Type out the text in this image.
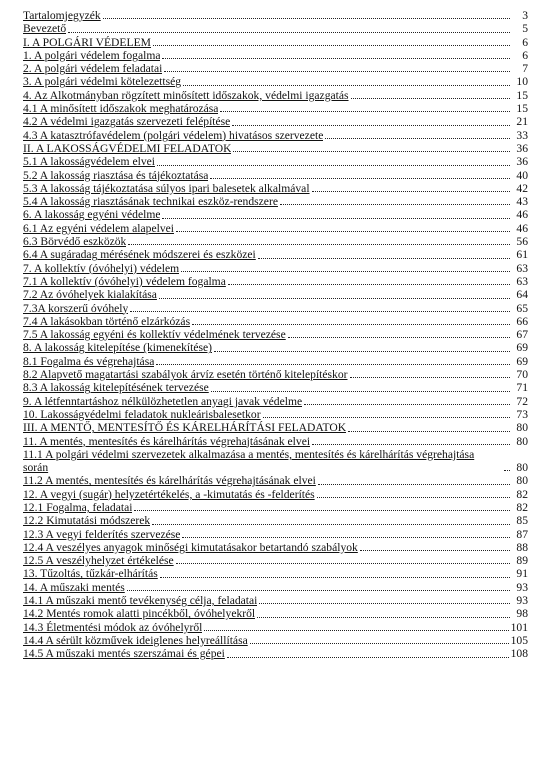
Tartalomjegyzék	3
Bevezető	5
I. A POLGÁRI VÉDELEM	6
1. A polgári védelem fogalma	6
2. A polgári védelem feladatai	7
3. A polgári védelmi kötelezettség	10
4. Az Alkotmányban rögzített minősített időszakok, védelmi igazgatás	15
4.1 A minősített időszakok meghatározása	15
4.2 A védelmi igazgatás szervezeti felépítése	21
4.3 A katasztrófavédelem (polgári védelem) hivatásos szervezete	33
II. A LAKOSSÁGVÉDELMI FELADATOK	36
5.1 A lakosságvédelem elvei	36
5.2 A lakosság riasztása és tájékoztatása	40
5.3 A lakosság tájékoztatása súlyos ipari balesetek alkalmával	42
5.4 A lakosság riasztásának technikai eszköz-rendszere	43
6. A lakosság egyéni védelme	46
6.1 Az egyéni védelem alapelvei	46
6.3 Börvédő eszközök	56
6.4 A sugáradag mérésének módszerei és eszközei	61
7. A kollektív (óvóhelyi) védelem	63
7.1 A kollektív (óvóhelyi) védelem fogalma	63
7.2 Az óvóhelyek kialakítása	64
7.3A korszerű óvóhely	65
7.4 A lakásokban történő elzárkózás	66
7.5 A lakosság egyéni és kollektív védelmének tervezése	67
8. A lakosság kitelepítése (kimenekítése)	69
8.1 Fogalma és végrehajtása	69
8.2 Alapvető magatartási szabályok árvíz esetén történő kitelepítéskor	70
8.3 A lakosság kitelepítésének tervezése	71
9. A létfenntartáshoz nélkülözhetetlen anyagi javak védelme	72
10. Lakosságvédelmi feladatok nukleárisbalesetkor	73
III. A MENTŐ, MENTESÍTŐ ÉS KÁRELHÁRÍTÁSI FELADATOK	80
11. A mentés, mentesítés és kárelhárítás végrehajtásának elvei	80
11.1 A polgári védelmi szervezetek alkalmazása a mentés, mentesítés és kárelhárítás végrehajtása során	80
11.2 A mentés, mentesítés és kárelhárítás végrehajtásának elvei	80
12. A vegyi (sugár) helyzetértékelés, a -kimutatás és -felderítés	82
12.1 Fogalma, feladatai	82
12.2 Kimutatási módszerek	85
12.3 A vegyi felderítés szervezése	87
12.4 A veszélyes anyagok minőségi kimutatásakor betartandó szabályok	88
12.5 A veszélyhelyzet értékelése	89
13. Tűzoltás, tűzkár-elhárítás	91
14. A műszaki mentés	93
14.1 A műszaki mentő tevékenység célja, feladatai	93
14.2 Mentés romok alatti pincékből, óvóhelyekről	98
14.3 Életmentési módok az óvóhelyről	101
14.4 A sérült közművek ideiglenes helyreállítása	105
14.5 A műszaki mentés szerszámai és gépei	108
